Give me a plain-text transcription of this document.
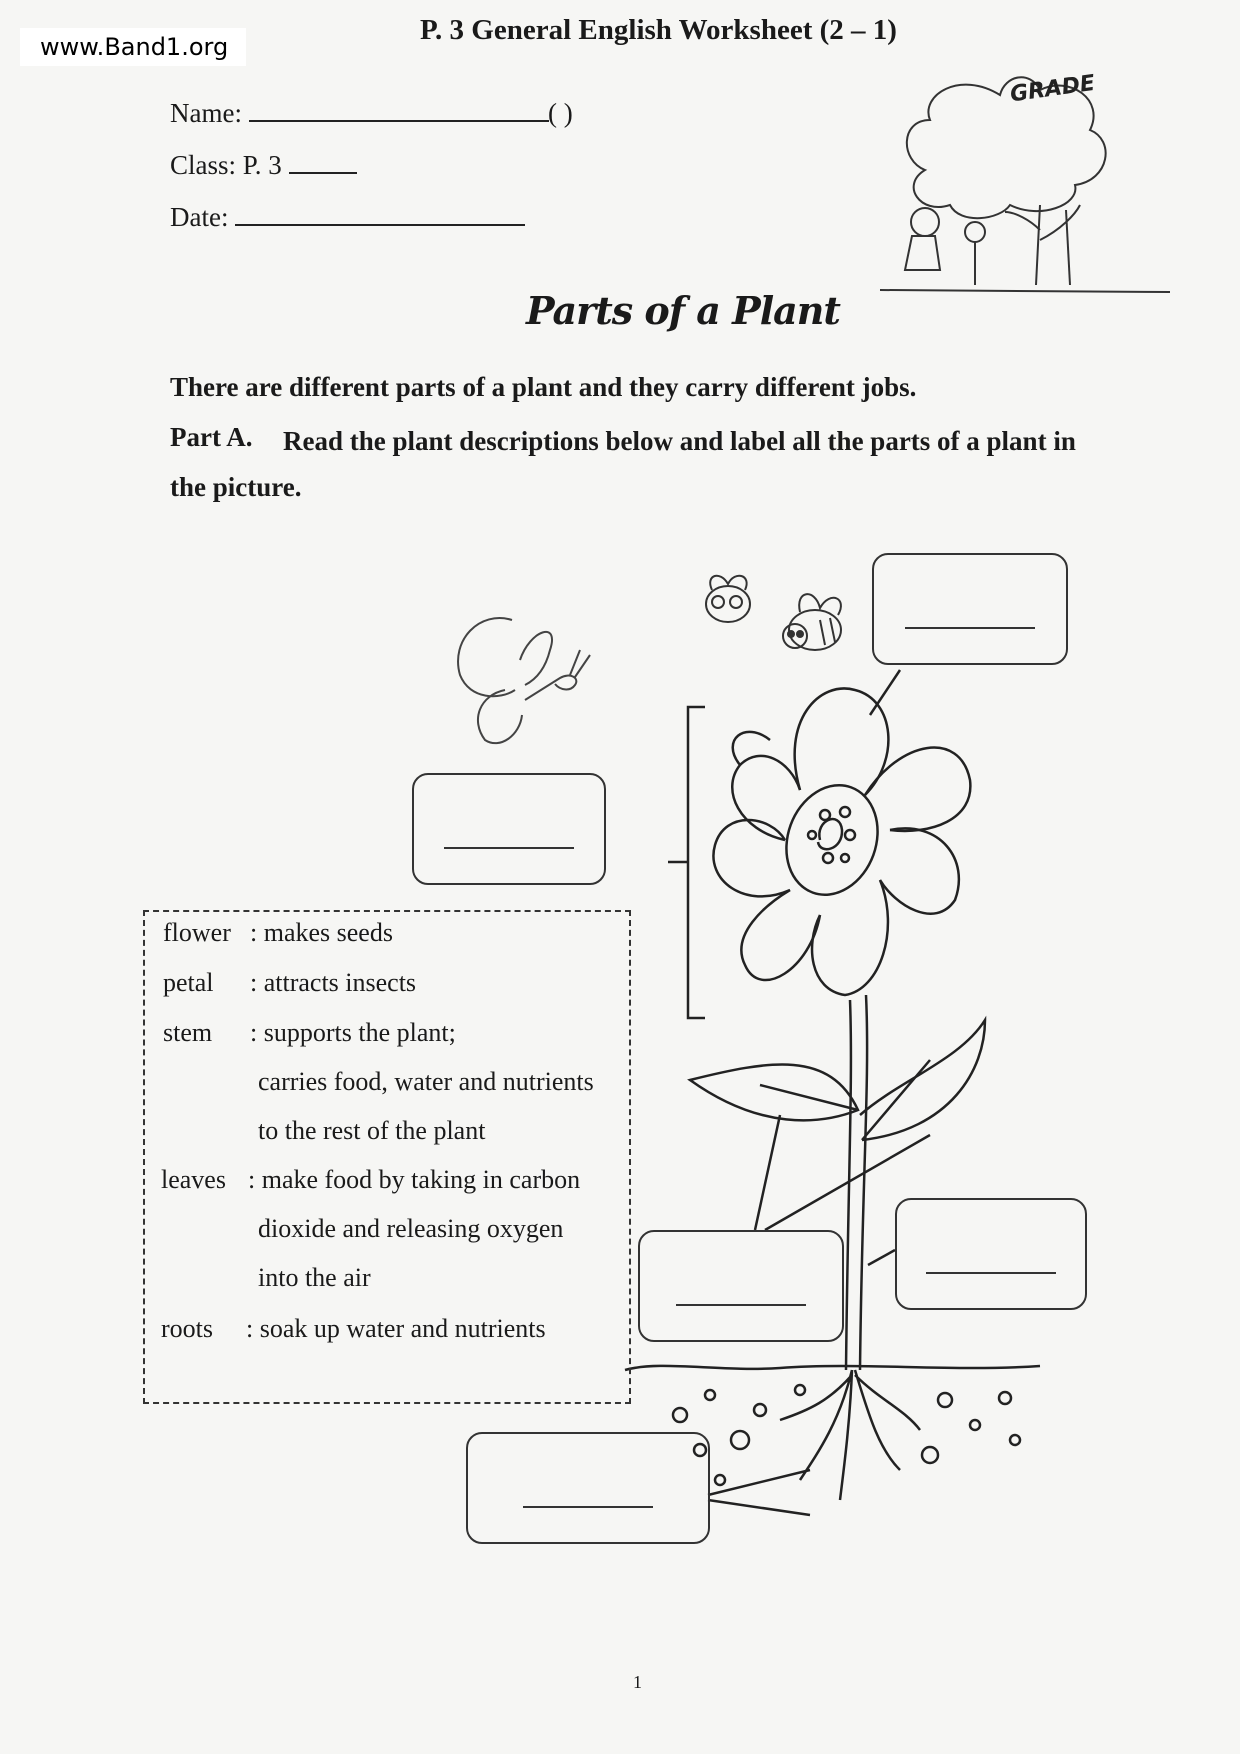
www.Band1.org
P. 3 General English Worksheet (2 – 1)
Name:	( )
Class: P. 3
Date:
Parts of a Plant
There are different parts of a plant and they carry different jobs.
Part A. Read the plant descriptions below and label all the parts of a plant in
the picture.
GRADE
flower : makes seeds
petal : attracts insects
stem : supports the plant;
carries food, water and nutrients
to the rest of the plant
leaves : make food by taking in carbon
dioxide and releasing oxygen
into the air
roots : soak up water and nutrients
1
